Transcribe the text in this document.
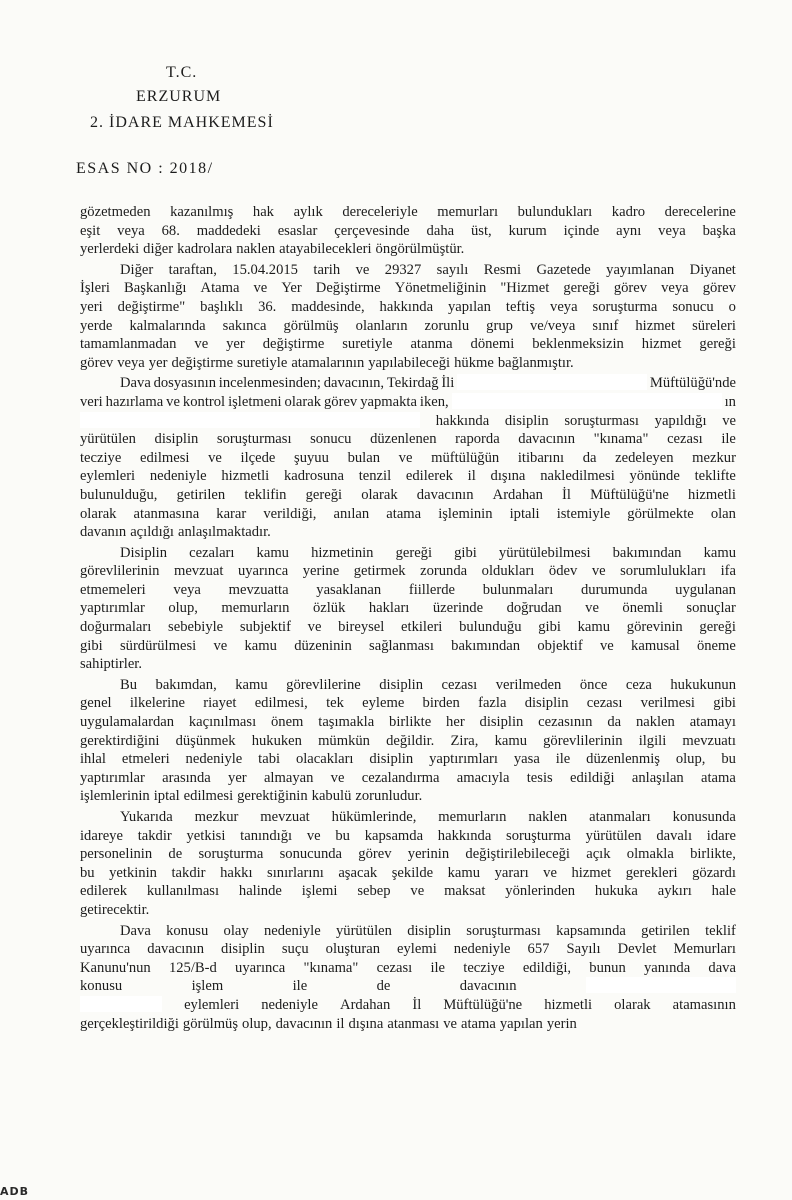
T.C.
ERZURUM
2. İDARE MAHKEMESİ
ESAS NO : 2018/
gözetmeden kazanılmış hak aylık dereceleriyle memurları bulundukları kadro derecelerine
eşit veya 68. maddedeki esaslar çerçevesinde daha üst, kurum içinde aynı veya başka
yerlerdeki diğer kadrolara naklen atayabilecekleri öngörülmüştür.
Diğer taraftan, 15.04.2015 tarih ve 29327 sayılı Resmi Gazetede yayımlanan Diyanet
İşleri Başkanlığı Atama ve Yer Değiştirme Yönetmeliğinin "Hizmet gereği görev veya görev
yeri değiştirme" başlıklı 36. maddesinde, hakkında yapılan teftiş veya soruşturma sonucu o
yerde kalmalarında sakınca görülmüş olanların zorunlu grup ve/veya sınıf hizmet süreleri
tamamlanmadan ve yer değiştirme suretiyle atanma dönemi beklenmeksizin hizmet gereği
görev veya yer değiştirme suretiyle atamalarının yapılabileceği hükme bağlanmıştır.
Dava dosyasının incelenmesinden; davacının, Tekirdağ İli	Müftülüğü'nde
veri hazırlama ve kontrol işletmeni olarak görev yapmakta iken,	ın
hakkında disiplin soruşturması yapıldığı ve
yürütülen disiplin soruşturması sonucu düzenlenen raporda davacının "kınama" cezası ile
tecziye edilmesi ve ilçede şuyuu bulan ve müftülüğün itibarını da zedeleyen mezkur
eylemleri nedeniyle hizmetli kadrosuna tenzil edilerek il dışına nakledilmesi yönünde teklifte
bulunulduğu, getirilen teklifin gereği olarak davacının Ardahan İl Müftülüğü'ne hizmetli
olarak atanmasına karar verildiği, anılan atama işleminin iptali istemiyle görülmekte olan
davanın açıldığı anlaşılmaktadır.
Disiplin cezaları kamu hizmetinin gereği gibi yürütülebilmesi bakımından kamu
görevlilerinin mevzuat uyarınca yerine getirmek zorunda oldukları ödev ve sorumlulukları ifa
etmemeleri veya mevzuatta yasaklanan fiillerde bulunmaları durumunda uygulanan
yaptırımlar olup, memurların özlük hakları üzerinde doğrudan ve önemli sonuçlar
doğurmaları sebebiyle subjektif ve bireysel etkileri bulunduğu gibi kamu görevinin gereği
gibi sürdürülmesi ve kamu düzeninin sağlanması bakımından objektif ve kamusal öneme
sahiptirler.
Bu bakımdan, kamu görevlilerine disiplin cezası verilmeden önce ceza hukukunun
genel ilkelerine riayet edilmesi, tek eyleme birden fazla disiplin cezası verilmesi gibi
uygulamalardan kaçınılması önem taşımakla birlikte her disiplin cezasının da naklen atamayı
gerektirdiğini düşünmek hukuken mümkün değildir. Zira, kamu görevlilerinin ilgili mevzuatı
ihlal etmeleri nedeniyle tabi olacakları disiplin yaptırımları yasa ile düzenlenmiş olup, bu
yaptırımlar arasında yer almayan ve cezalandırma amacıyla tesis edildiği anlaşılan atama
işlemlerinin iptal edilmesi gerektiğinin kabulü zorunludur.
Yukarıda mezkur mevzuat hükümlerinde, memurların naklen atanmaları konusunda
idareye takdir yetkisi tanındığı ve bu kapsamda hakkında soruşturma yürütülen davalı idare
personelinin de soruşturma sonucunda görev yerinin değiştirilebileceği açık olmakla birlikte,
bu yetkinin takdir hakkı sınırlarını aşacak şekilde kamu yararı ve hizmet gerekleri gözardı
edilerek kullanılması halinde işlemi sebep ve maksat yönlerinden hukuka aykırı hale
getirecektir.
Dava konusu olay nedeniyle yürütülen disiplin soruşturması kapsamında getirilen teklif
uyarınca davacının disiplin suçu oluşturan eylemi nedeniyle 657 Sayılı Devlet Memurları
Kanunu'nun 125/B-d uyarınca "kınama" cezası ile tecziye edildiği, bunun yanında dava
konusu	işlem	ile	de	davacının
eylemleri nedeniyle Ardahan İl Müftülüğü'ne hizmetli olarak atamasının
gerçekleştirildiği görülmüş olup, davacının il dışına atanması ve atama yapılan yerin
ADB
